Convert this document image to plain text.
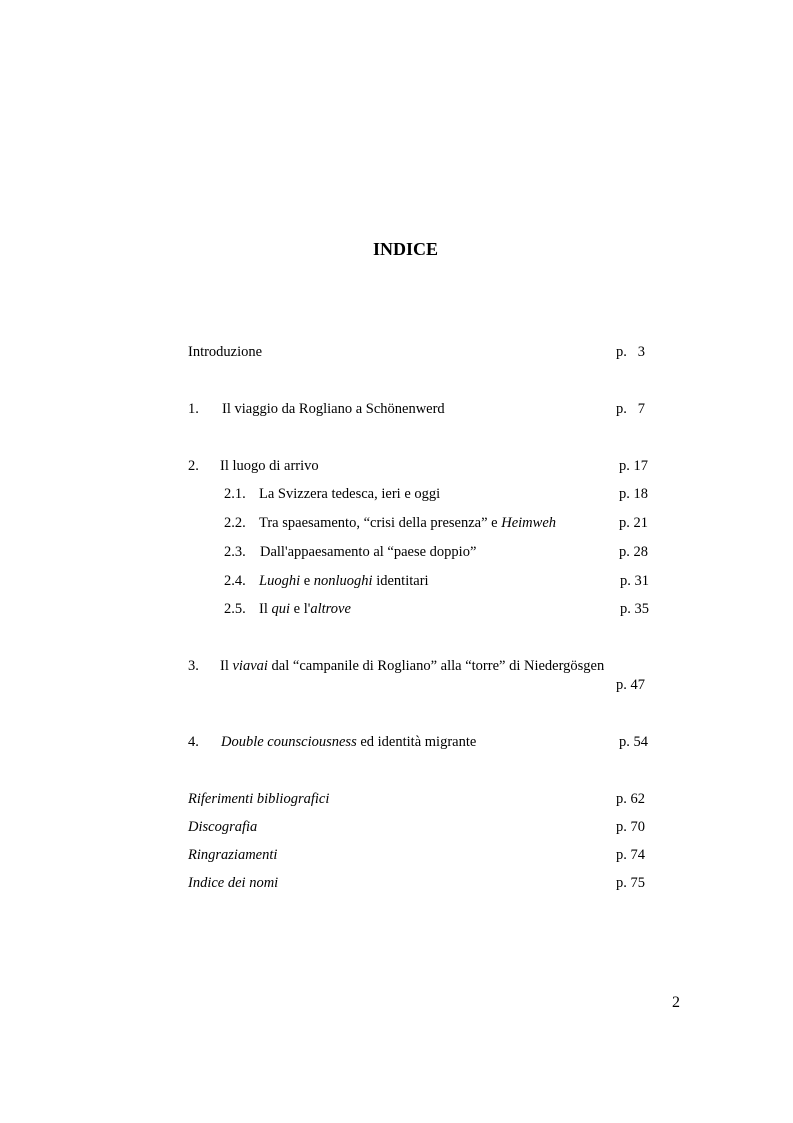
INDICE
Introduzione	p.   3
1. Il viaggio da Rogliano a Schönenwerd	p.   7
2. Il luogo di arrivo	p. 17
2.1. La Svizzera tedesca, ieri e oggi	p. 18
2.2. Tra spaesamento, “crisi della presenza” e Heimweh	p. 21
2.3. Dall'appaesamento al “paese doppio”	p. 28
2.4. Luoghi e nonluoghi identitari	p. 31
2.5. Il qui e l'altrove	p. 35
3. Il viavai dal “campanile di Rogliano” alla “torre” di Niedergösgen
p. 47
4. Double counsciousness ed identità migrante	p. 54
Riferimenti bibliografici	p. 62
Discografia	p. 70
Ringraziamenti	p. 74
Indice dei nomi	p. 75
2
